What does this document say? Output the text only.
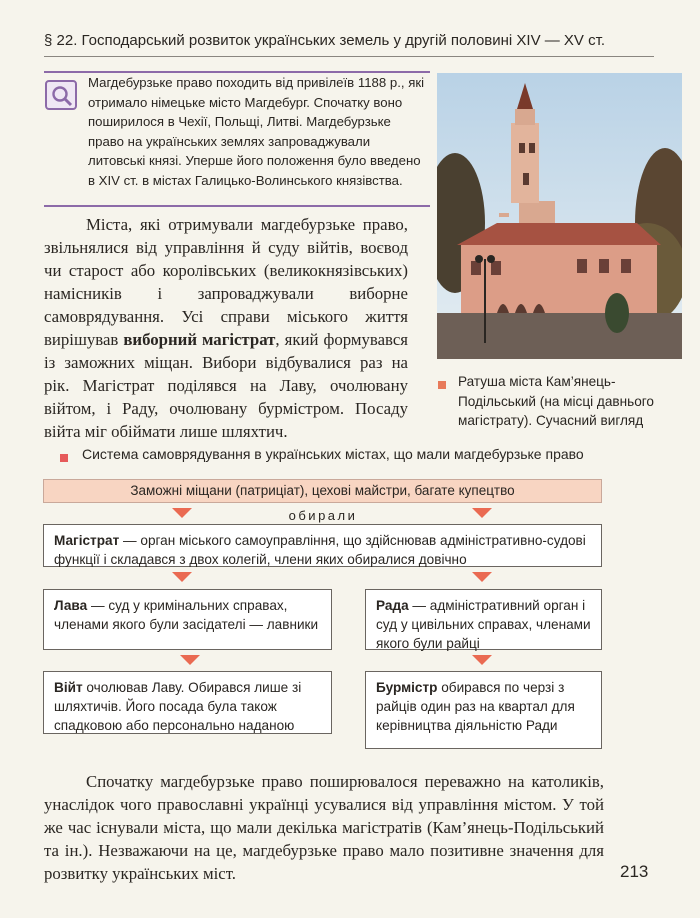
§ 22. Господарський розвиток українських земель у другій половині XIV — XV ст.
Магдебурзьке право походить від привілеїв 1188 р., які отримало німецьке місто Магдебург. Спочатку воно поширилося в Чехії, Польщі, Литві. Магдебурзьке право на українських землях запроваджували литовські князі. Уперше його положення було введено в XIV ст. в містах Галицько-Волинського князівства.
Ратуша міста Кам’янець-Подільський (на місці давнього магістрату). Сучасний вигляд

Міста, які отримували магдебурзьке право, звільнялися від управління й суду війтів, воєвод чи старост або королівських (великокнязівських) намісників і запроваджували виборне самоврядування. Усі справи міського життя вирішував виборний магістрат, який формувався із заможних міщан. Вибори відбувалися раз на рік. Магістрат поділявся на Лаву, очолювану війтом, і Раду, очолювану бурмістром. Посаду війта міг обіймати лише шляхтич.

Система самоврядування в українських містах, що мали магдебурзьке право
Заможні міщани (патриціат), цехові майстри, багате купецтво
обирали
Магістрат — орган міського самоуправління, що здійснював адміністративно-судові функції і складався з двох колегій, члени яких обиралися довічно
Лава — суд у кримінальних справах, членами якого були засідателі — лавники
Рада — адміністративний орган і суд у цивільних справах, членами якого були райці
Війт очолював Лаву. Обирався лише зі шляхтичів. Його посада була також спадковою або персонально наданою
Бурмістр обирався по черзі з райців один раз на квартал для керівництва діяльністю Ради

Спочатку магдебурзьке право поширювалося переважно на католиків, унаслідок чого православні українці усувалися від управління містом. У той же час існували міста, що мали декілька магістратів (Кам’янець-Подільський та ін.). Незважаючи на це, магдебурзьке право мало позитивне значення для розвитку українських міст.	213
